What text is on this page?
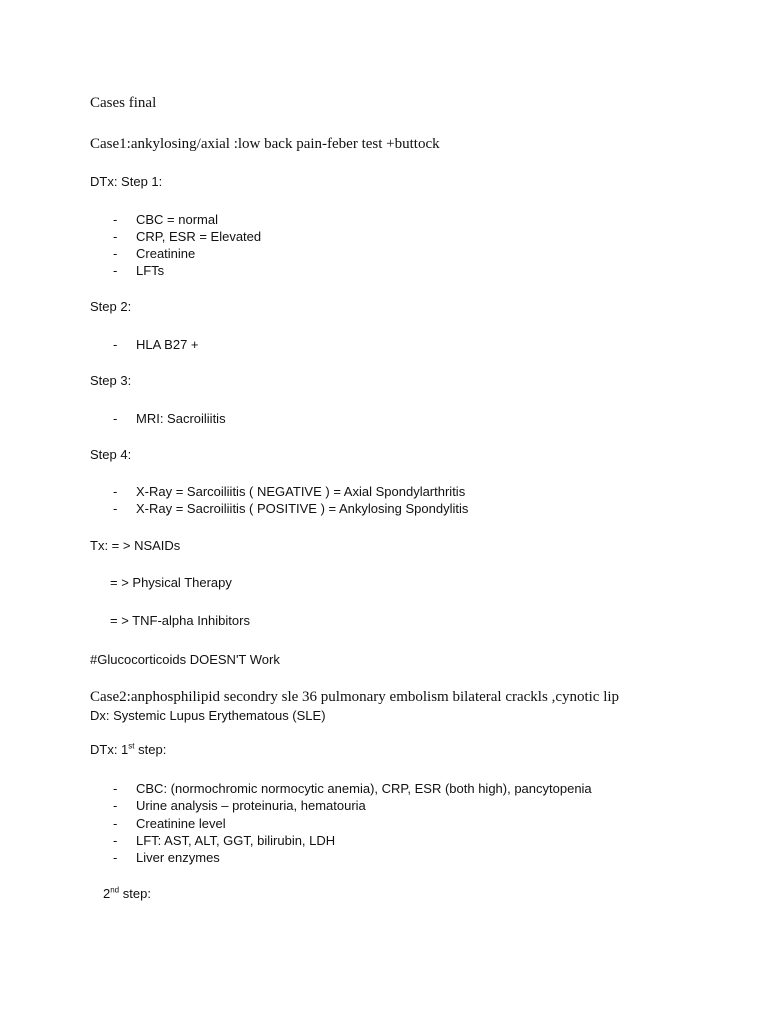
Cases final
Case1:ankylosing/axial :low back pain-feber test +buttock
DTx: Step 1:
- CBC = normal
- CRP, ESR = Elevated
- Creatinine
- LFTs
Step 2:
- HLA B27 +
Step 3:
- MRI: Sacroiliitis
Step 4:
- X-Ray = Sarcoiliitis ( NEGATIVE ) = Axial Spondylarthritis
- X-Ray = Sacroiliitis ( POSITIVE ) = Ankylosing Spondylitis
Tx: = > NSAIDs
= > Physical Therapy
= > TNF-alpha Inhibitors
#Glucocorticoids DOESN'T Work
Case2:anphosphilipid secondry sle 36 pulmonary embolism bilateral crackls ,cynotic lip
Dx: Systemic Lupus Erythematous (SLE)
DTx: 1st step:
- CBC: (normochromic normocytic anemia), CRP, ESR (both high), pancytopenia
- Urine analysis – proteinuria, hematouria
- Creatinine level
- LFT: AST, ALT, GGT, bilirubin, LDH
- Liver enzymes
2nd step:
